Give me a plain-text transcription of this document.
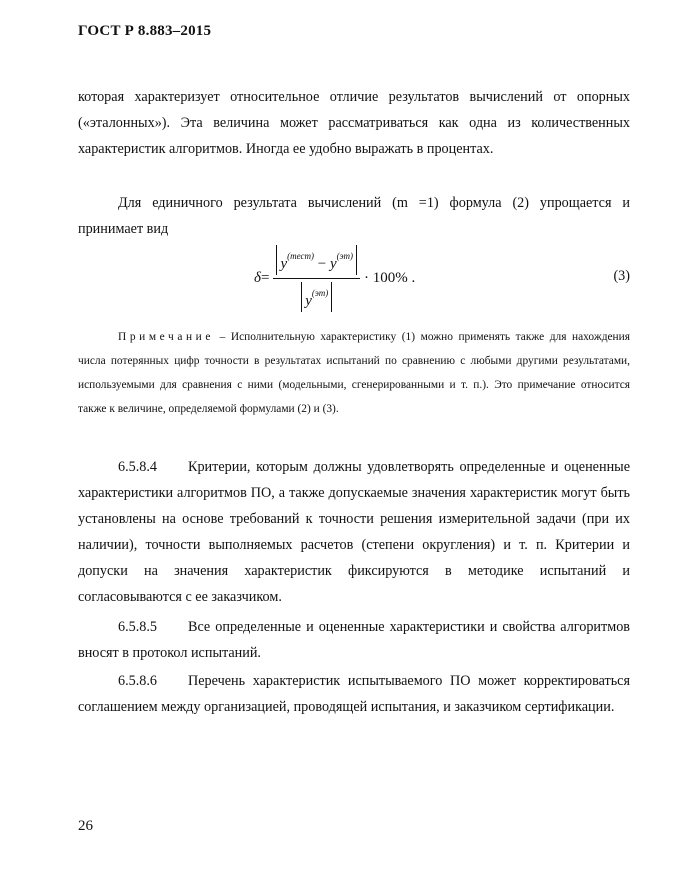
ГОСТ Р 8.883–2015
которая характеризует относительное отличие результатов вычислений от опорных («эталонных»). Эта величина может рассматриваться как одна из количественных характеристик алгоритмов. Иногда ее удобно выражать в процентах.
Для единичного результата вычислений (m =1) формула (2) упрощается и принимает вид
$\delta = \frac{y^{(тест)} - y^{(эт)}}{y^{(эт)}} \cdot 100\%$ .	(3)
Примечание – Исполнительную характеристику (1) можно применять также для нахождения числа потерянных цифр точности в результатах испытаний по сравнению с любыми другими результатами, используемыми для сравнения с ними (модельными, сгенерированными и т. п.). Это примечание относится также к величине, определяемой формулами (2) и (3).
6.5.8.4 Критерии, которым должны удовлетворять определенные и оцененные характеристики алгоритмов ПО, а также допускаемые значения характеристик могут быть установлены на основе требований к точности решения измерительной задачи (при их наличии), точности выполняемых расчетов (степени округления) и т. п. Критерии и допуски на значения характеристик фиксируются в методике испытаний и согласовываются с ее заказчиком.
6.5.8.5 Все определенные и оцененные характеристики и свойства алгоритмов вносят в протокол испытаний.
6.5.8.6 Перечень характеристик испытываемого ПО может корректироваться соглашением между организацией, проводящей испытания, и заказчиком сертификации.
26
